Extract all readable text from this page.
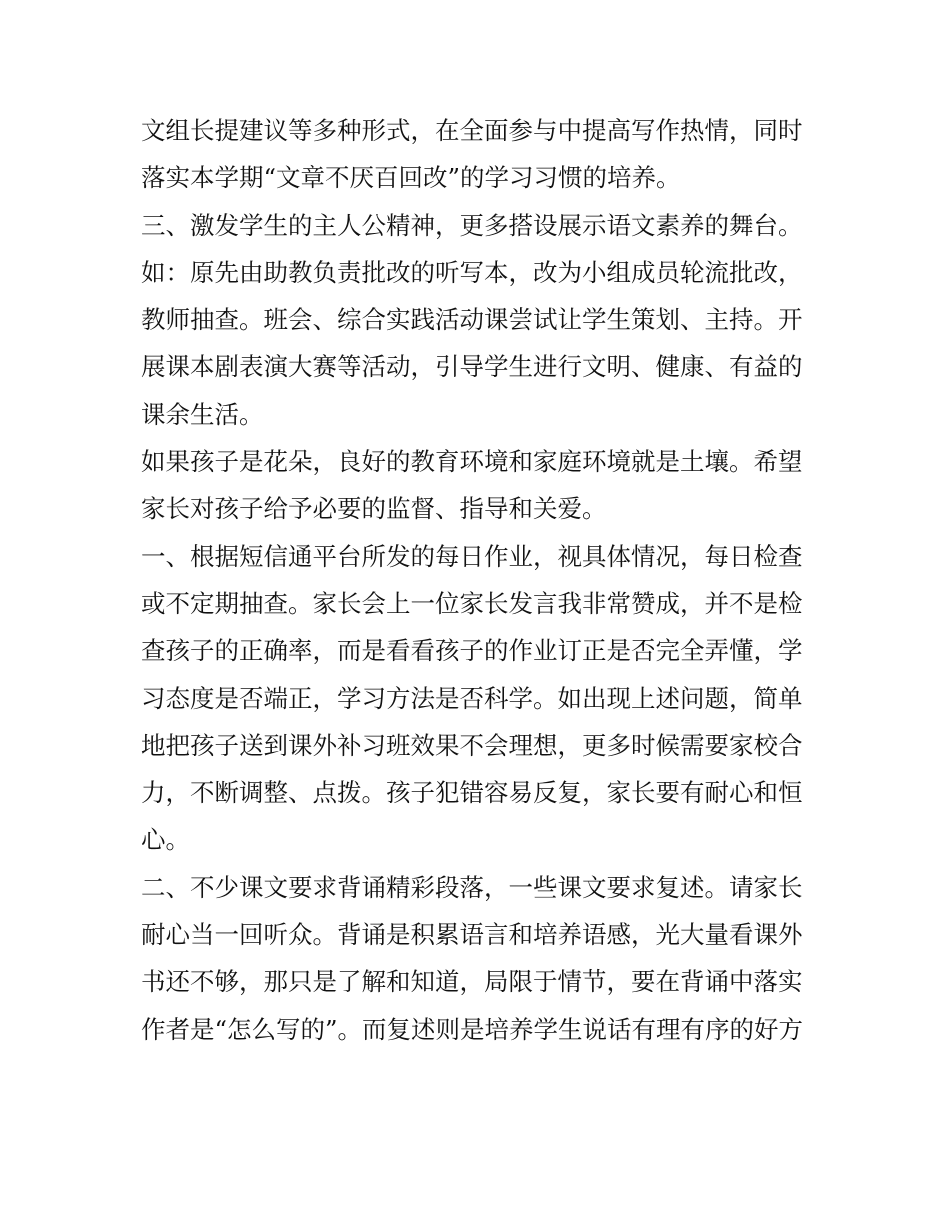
文组长提建议等多种形式，在全面参与中提高写作热情，同时
落实本学期“文章不厌百回改”的学习习惯的培养。
三、激发学生的主人公精神，更多搭设展示语文素养的舞台。
如：原先由助教负责批改的听写本，改为小组成员轮流批改，
教师抽查。班会、综合实践活动课尝试让学生策划、主持。开
展课本剧表演大赛等活动，引导学生进行文明、健康、有益的
课余生活。
如果孩子是花朵，良好的教育环境和家庭环境就是土壤。希望
家长对孩子给予必要的监督、指导和关爱。
一、根据短信通平台所发的每日作业，视具体情况，每日检查
或不定期抽查。家长会上一位家长发言我非常赞成，并不是检
查孩子的正确率，而是看看孩子的作业订正是否完全弄懂，学
习态度是否端正，学习方法是否科学。如出现上述问题，简单
地把孩子送到课外补习班效果不会理想，更多时候需要家校合
力，不断调整、点拨。孩子犯错容易反复，家长要有耐心和恒
心。
二、不少课文要求背诵精彩段落，一些课文要求复述。请家长
耐心当一回听众。背诵是积累语言和培养语感，光大量看课外
书还不够，那只是了解和知道，局限于情节，要在背诵中落实
作者是“怎么写的”。而复述则是培养学生说话有理有序的好方
